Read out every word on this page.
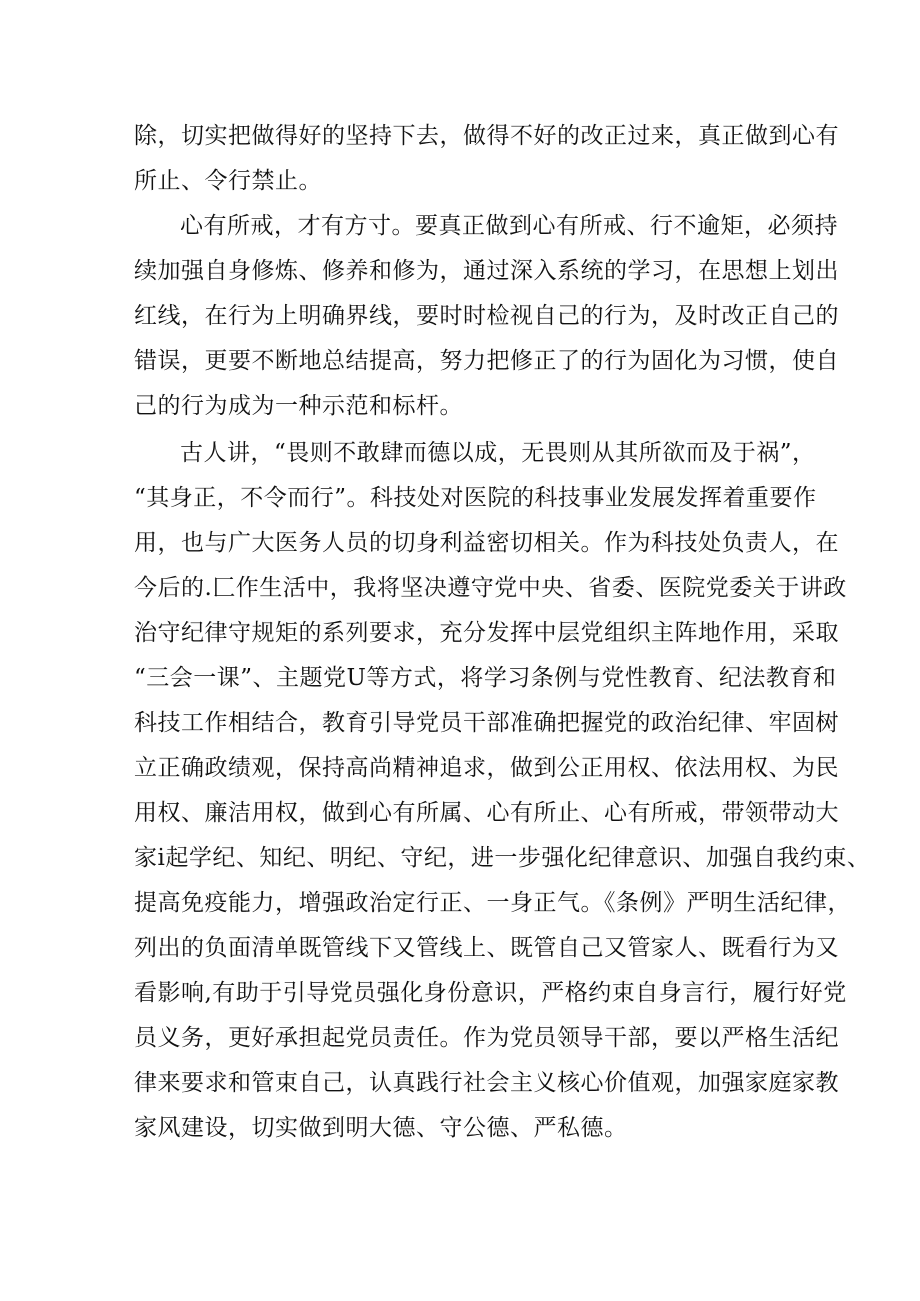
除，切实把做得好的坚持下去，做得不好的改正过来，真正做到心有
所止、令行禁止。
心有所戒，才有方寸。要真正做到心有所戒、行不逾矩，必须持
续加强自身修炼、修养和修为，通过深入系统的学习，在思想上划出
红线，在行为上明确界线，要时时检视自己的行为，及时改正自己的
错误，更要不断地总结提高，努力把修正了的行为固化为习惯，使自
己的行为成为一种示范和标杆。
古人讲，“畏则不敢肆而德以成，无畏则从其所欲而及于祸”，
“其身正，不令而行”。科技处对医院的科技事业发展发挥着重要作
用，也与广大医务人员的切身利益密切相关。作为科技处负责人，在
今后的.匚作生活中，我将坚决遵守党中央、省委、医院党委关于讲政
治守纪律守规矩的系列要求，充分发挥中层党组织主阵地作用，采取
“三会一课”、主题党U等方式，将学习条例与党性教育、纪法教育和
科技工作相结合，教育引导党员干部准确把握党的政治纪律、牢固树
立正确政绩观，保持高尚精神追求，做到公正用权、依法用权、为民
用权、廉洁用权，做到心有所属、心有所止、心有所戒，带领带动大
家i起学纪、知纪、明纪、守纪，进一步强化纪律意识、加强自我约束、
提高免疫能力，增强政治定行正、一身正气。《条例》严明生活纪律，
列出的负面清单既管线下又管线上、既管自己又管家人、既看行为又
看影响,有助于引导党员强化身份意识，严格约束自身言行，履行好党
员义务，更好承担起党员责任。作为党员领导干部，要以严格生活纪
律来要求和管束自己，认真践行社会主义核心价值观，加强家庭家教
家风建设，切实做到明大德、守公德、严私德。
